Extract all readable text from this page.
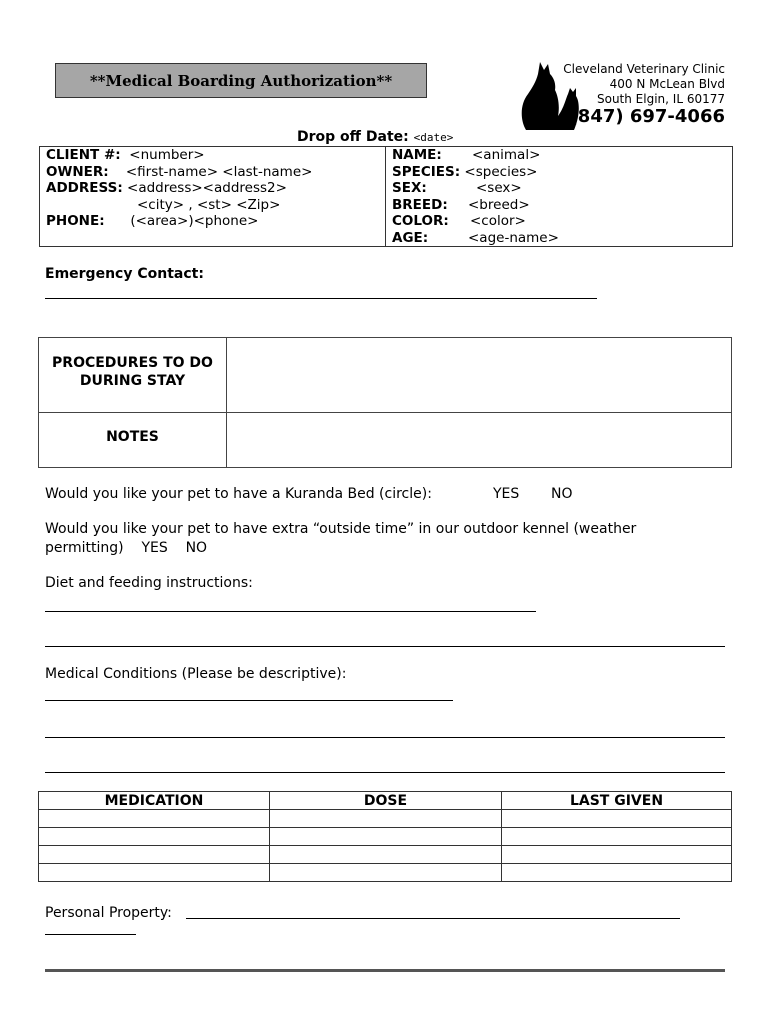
**Medical Boarding Authorization**
Cleveland Veterinary Clinic
400 N McLean Blvd
South Elgin, IL 60177
(847) 697-4066
Drop off Date: <date>
CLIENT #: <number>
OWNER: <first-name> <last-name>
ADDRESS: <address><address2>
<city> , <st> <Zip>
PHONE: (<area>)<phone>
NAME: <animal>
SPECIES: <species>
SEX:	<sex>
BREED: <breed>
COLOR: <color>
AGE:	<age-name>
Emergency Contact:
PROCEDURES TO DO
DURING STAY
NOTES
Would you like your pet to have a Kuranda Bed (circle):	YES NO
Would you like your pet to have extra “outside time” in our outdoor kennel (weather
permitting) YES NO
Diet and feeding instructions:
Medical Conditions (Please be descriptive):
MEDICATION	DOSE	LAST GIVEN

Personal Property:
